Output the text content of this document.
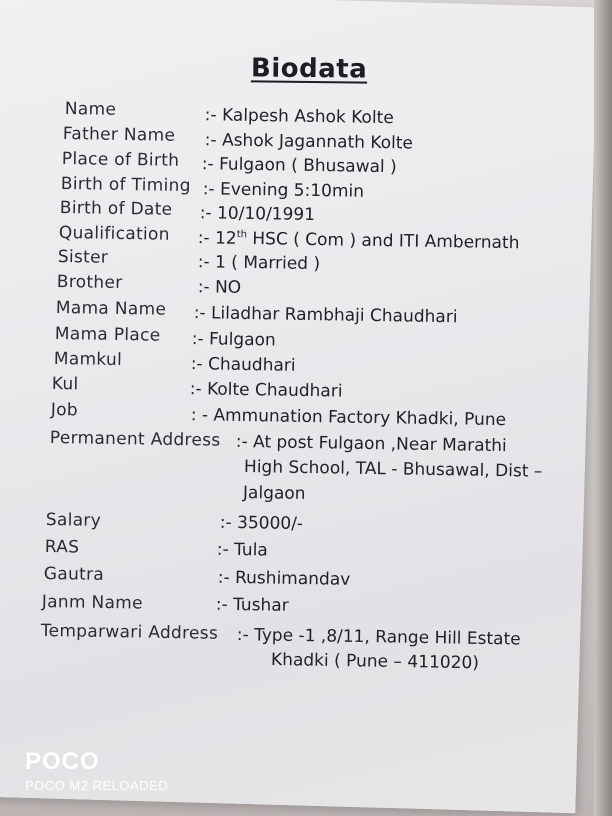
Biodata
Name	:- Kalpesh Ashok Kolte
Father Name :- Ashok Jagannath Kolte
Place of Birth :- Fulgaon ( Bhusawal )
Birth of Timing :- Evening 5:10min
Birth of Date :- 10/10/1991
Qualification :- 12th HSC ( Com ) and ITI Ambernath
Sister	:- 1 ( Married )
Brother	:- NO
Mama Name :- Liladhar Rambhaji Chaudhari
Mama Place :- Fulgaon
Mamkul	:- Chaudhari
Kul	:- Kolte Chaudhari
Job	: - Ammunation Factory Khadki, Pune
Permanent Address :- At post Fulgaon ,Near Marathi
High School, TAL - Bhusawal, Dist –
Jalgaon
Salary	:- 35000/-
RAS	:- Tula
Gautra	:- Rushimandav
Janm Name	:- Tushar
Temparwari Address :- Type -1 ,8/11, Range Hill Estate
Khadki ( Pune – 411020)
POCO
POCO M2 RELOADED
